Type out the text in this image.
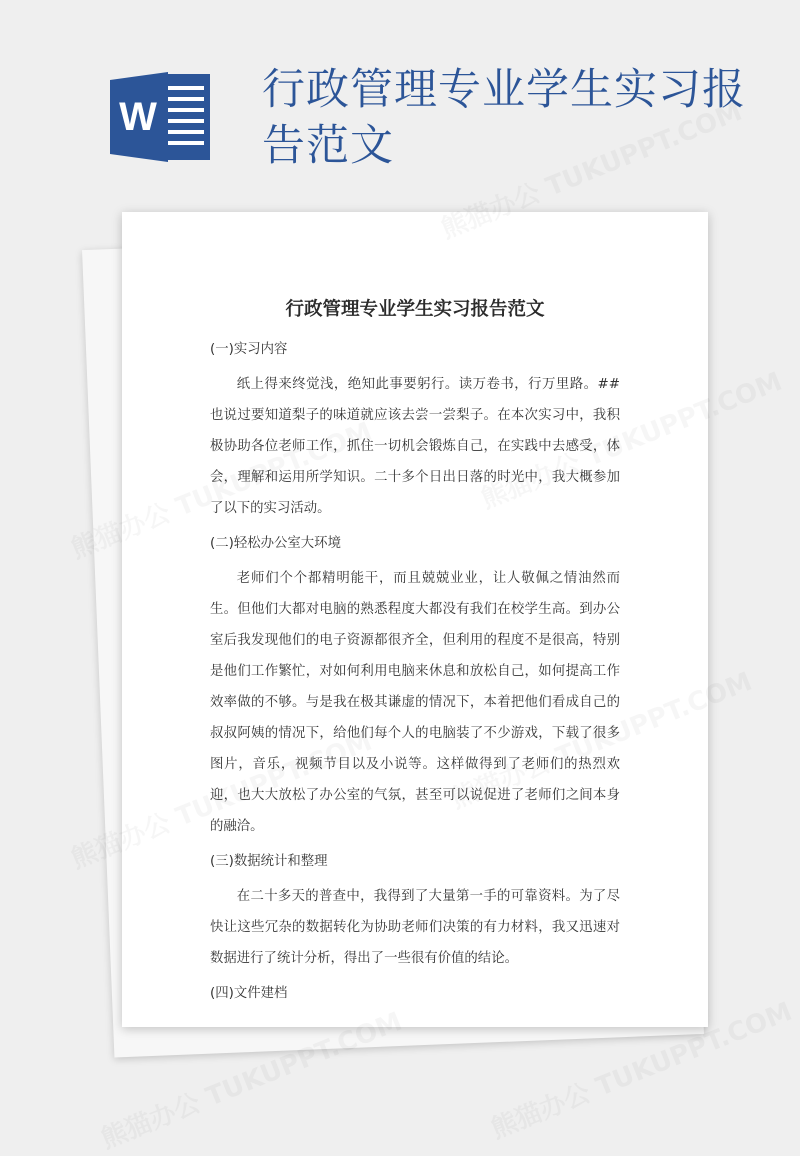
行政管理专业学生实习报告范文
W
行政管理专业学生实习报告范文

(一)实习内容

纸上得来终觉浅，绝知此事要躬行。读万卷书，行万里路。##也说过要知道梨子的味道就应该去尝一尝梨子。在本次实习中，我积极协助各位老师工作，抓住一切机会锻炼自己，在实践中去感受，体会，理解和运用所学知识。二十多个日出日落的时光中，我大概参加了以下的实习活动。

(二)轻松办公室大环境

老师们个个都精明能干，而且兢兢业业，让人敬佩之情油然而生。但他们大都对电脑的熟悉程度大都没有我们在校学生高。到办公室后我发现他们的电子资源都很齐全，但利用的程度不是很高，特别是他们工作繁忙，对如何利用电脑来休息和放松自己，如何提高工作效率做的不够。与是我在极其谦虚的情况下，本着把他们看成自己的叔叔阿姨的情况下，给他们每个人的电脑装了不少游戏，下载了很多图片，音乐，视频节目以及小说等。这样做得到了老师们的热烈欢迎，也大大放松了办公室的气氛，甚至可以说促进了老师们之间本身的融洽。

(三)数据统计和整理

在二十多天的普查中，我得到了大量第一手的可靠资料。为了尽快让这些冗杂的数据转化为协助老师们决策的有力材料，我又迅速对数据进行了统计分析，得出了一些很有价值的结论。

(四)文件建档
